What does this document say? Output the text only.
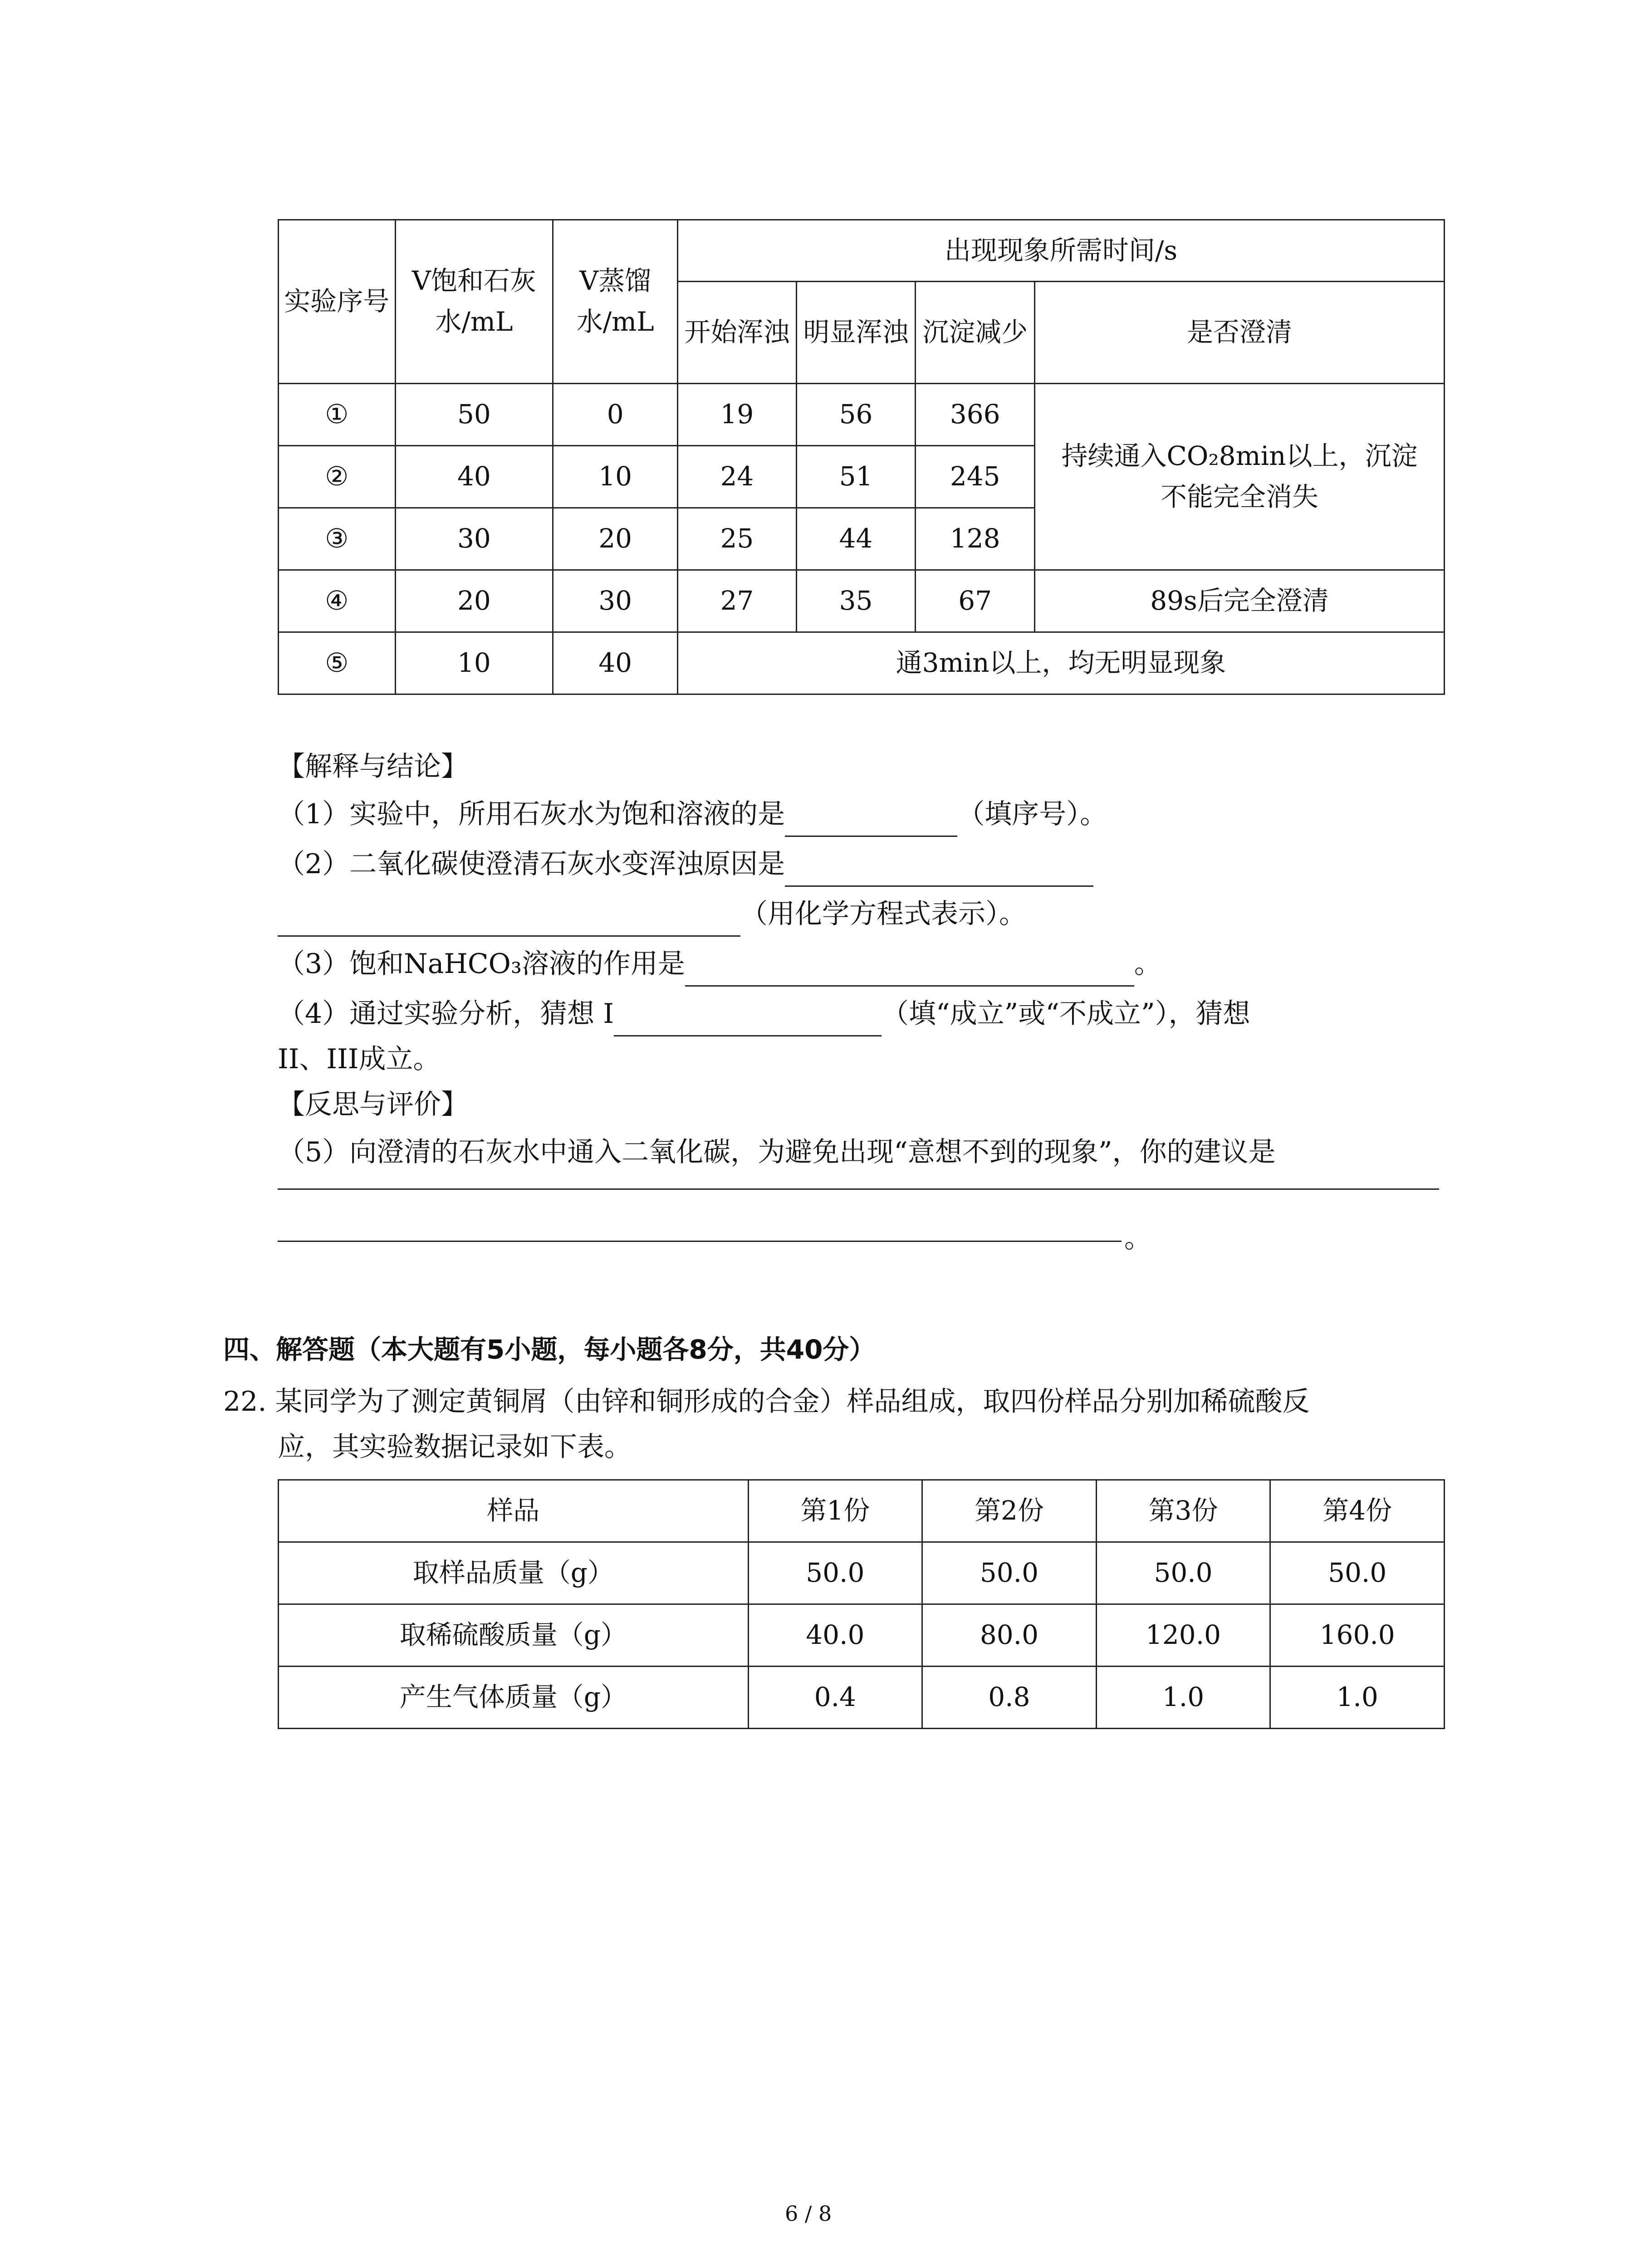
实验序号	V饱和石灰水/mL	V蒸馏水/mL	出现现象所需时间/s			
			开始浑浊	明显浑浊	沉淀减少	是否澄清
①	50	0	19	56	366	持续通入CO₂8min以上，沉淀不能完全消失
②	40	10	24	51	245	
③	30	20	25	44	128	
④	20	30	27	35	67	89s后完全澄清
⑤	10	40	通3min以上，均无明显现象			
【解释与结论】
（1）实验中，所用石灰水为饱和溶液的是	（填序号）。
（2）二氧化碳使澄清石灰水变浑浊原因是
（用化学方程式表示）。
（3）饱和NaHCO₃溶液的作用是	。
（4）通过实验分析，猜想 I	（填“成立”或“不成立”），猜想
II、III成立。
【反思与评价】
（5）向澄清的石灰水中通入二氧化碳，为避免出现“意想不到的现象”，你的建议是
。
四、解答题（本大题有5小题，每小题各8分，共40分）
22. 某同学为了测定黄铜屑（由锌和铜形成的合金）样品组成，取四份样品分别加稀硫酸反
应，其实验数据记录如下表。
样品	第1份	第2份	第3份	第4份
取样品质量（g）	50.0	50.0	50.0	50.0
取稀硫酸质量（g）	40.0	80.0	120.0	160.0
产生气体质量（g）	0.4	0.8	1.0	1.0
6 / 8
